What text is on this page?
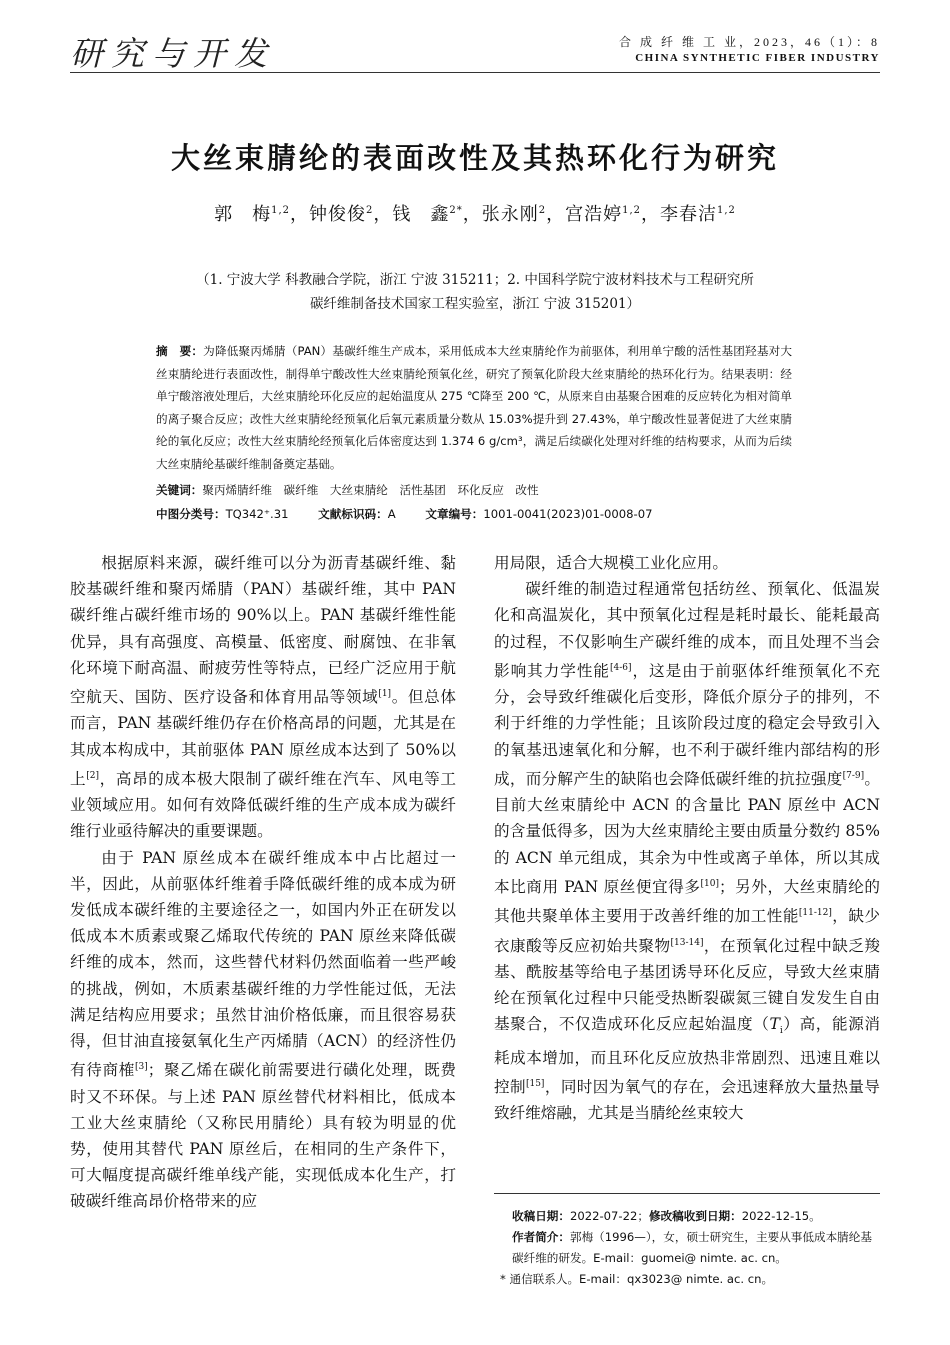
研究与开发	合 成 纤 维 工 业，2023，46（1）：8
CHINA SYNTHETIC FIBER INDUSTRY
大丝束腈纶的表面改性及其热环化行为研究
郭　梅$^{1,2}$，钟俊俊$^2$，钱　鑫$^{2*}$，张永刚$^2$，宫浩婷$^{1,2}$，李春洁$^{1,2}$
（1. 宁波大学 科教融合学院，浙江 宁波 315211；2. 中国科学院宁波材料技术与工程研究所
碳纤维制备技术国家工程实验室，浙江 宁波 315201）
摘　要：为降低聚丙烯腈（PAN）基碳纤维生产成本，采用低成本大丝束腈纶作为前驱体，利用单宁酸的活性基团羟基对大丝束腈纶进行表面改性，制得单宁酸改性大丝束腈纶预氧化丝，研究了预氧化阶段大丝束腈纶的热环化行为。结果表明：经单宁酸溶液处理后，大丝束腈纶环化反应的起始温度从 275 ℃降至 200 ℃，从原来自由基聚合困难的反应转化为相对简单的离子聚合反应；改性大丝束腈纶经预氧化后氧元素质量分数从 15.03%提升到 27.43%，单宁酸改性显著促进了大丝束腈纶的氧化反应；改性大丝束腈纶经预氧化后体密度达到 1.374 6 g/cm³，满足后续碳化处理对纤维的结构要求，从而为后续大丝束腈纶基碳纤维制备奠定基础。
关键词：聚丙烯腈纤维　碳纤维　大丝束腈纶　活性基团　环化反应　改性
中图分类号：TQ342⁺.31	文献标识码：A	文章编号：1001-0041(2023)01-0008-07

根据原料来源，碳纤维可以分为沥青基碳纤维、黏胶基碳纤维和聚丙烯腈（PAN）基碳纤维，其中 PAN 碳纤维占碳纤维市场的 90%以上。PAN 基碳纤维性能优异，具有高强度、高模量、低密度、耐腐蚀、在非氧化环境下耐高温、耐疲劳性等特点，已经广泛应用于航空航天、国防、医疗设备和体育用品等领域[1]。但总体而言，PAN 基碳纤维仍存在价格高昂的问题，尤其是在其成本构成中，其前驱体 PAN 原丝成本达到了 50%以上[2]，高昂的成本极大限制了碳纤维在汽车、风电等工业领域应用。如何有效降低碳纤维的生产成本成为碳纤维行业亟待解决的重要课题。

由于 PAN 原丝成本在碳纤维成本中占比超过一半，因此，从前驱体纤维着手降低碳纤维的成本成为研发低成本碳纤维的主要途径之一，如国内外正在研发以低成本木质素或聚乙烯取代传统的 PAN 原丝来降低碳纤维的成本，然而，这些替代材料仍然面临着一些严峻的挑战，例如，木质素基碳纤维的力学性能过低，无法满足结构应用要求；虽然甘油价格低廉，而且很容易获得，但甘油直接氨氧化生产丙烯腈（ACN）的经济性仍有待商榷[3]；聚乙烯在碳化前需要进行磺化处理，既费时又不环保。与上述 PAN 原丝替代材料相比，低成本工业大丝束腈纶（又称民用腈纶）具有较为明显的优势，使用其替代 PAN 原丝后，在相同的生产条件下，可大幅度提高碳纤维单线产能，实现低成本化生产，打破碳纤维高昂价格带来的应

用局限，适合大规模工业化应用。

碳纤维的制造过程通常包括纺丝、预氧化、低温炭化和高温炭化，其中预氧化过程是耗时最长、能耗最高的过程，不仅影响生产碳纤维的成本，而且处理不当会影响其力学性能[4-6]，这是由于前驱体纤维预氧化不充分，会导致纤维碳化后变形，降低介原分子的排列，不利于纤维的力学性能；且该阶段过度的稳定会导致引入的氧基迅速氧化和分解，也不利于碳纤维内部结构的形成，而分解产生的缺陷也会降低碳纤维的抗拉强度[7-9]。目前大丝束腈纶中 ACN 的含量比 PAN 原丝中 ACN 的含量低得多，因为大丝束腈纶主要由质量分数约 85%的 ACN 单元组成，其余为中性或离子单体，所以其成本比商用 PAN 原丝便宜得多[10]；另外，大丝束腈纶的其他共聚单体主要用于改善纤维的加工性能[11-12]，缺少衣康酸等反应初始共聚物[13-14]，在预氧化过程中缺乏羧基、酰胺基等给电子基团诱导环化反应，导致大丝束腈纶在预氧化过程中只能受热断裂碳氮三键自发发生自由基聚合，不仅造成环化反应起始温度$(T_i)$高，能源消耗成本增加，而且环化反应放热非常剧烈、迅速且难以控制[15]，同时因为氧气的存在，会迅速释放大量热量导致纤维熔融，尤其是当腈纶丝束较大

收稿日期：2022-07-22；修改稿收到日期：2022-12-15。

作者简介：郭梅（1996—），女，硕士研究生，主要从事低成本腈纶基碳纤维的研发。E-mail：guomei@ nimte. ac. cn。

* 通信联系人。E-mail：qx3023@ nimte. ac. cn。
